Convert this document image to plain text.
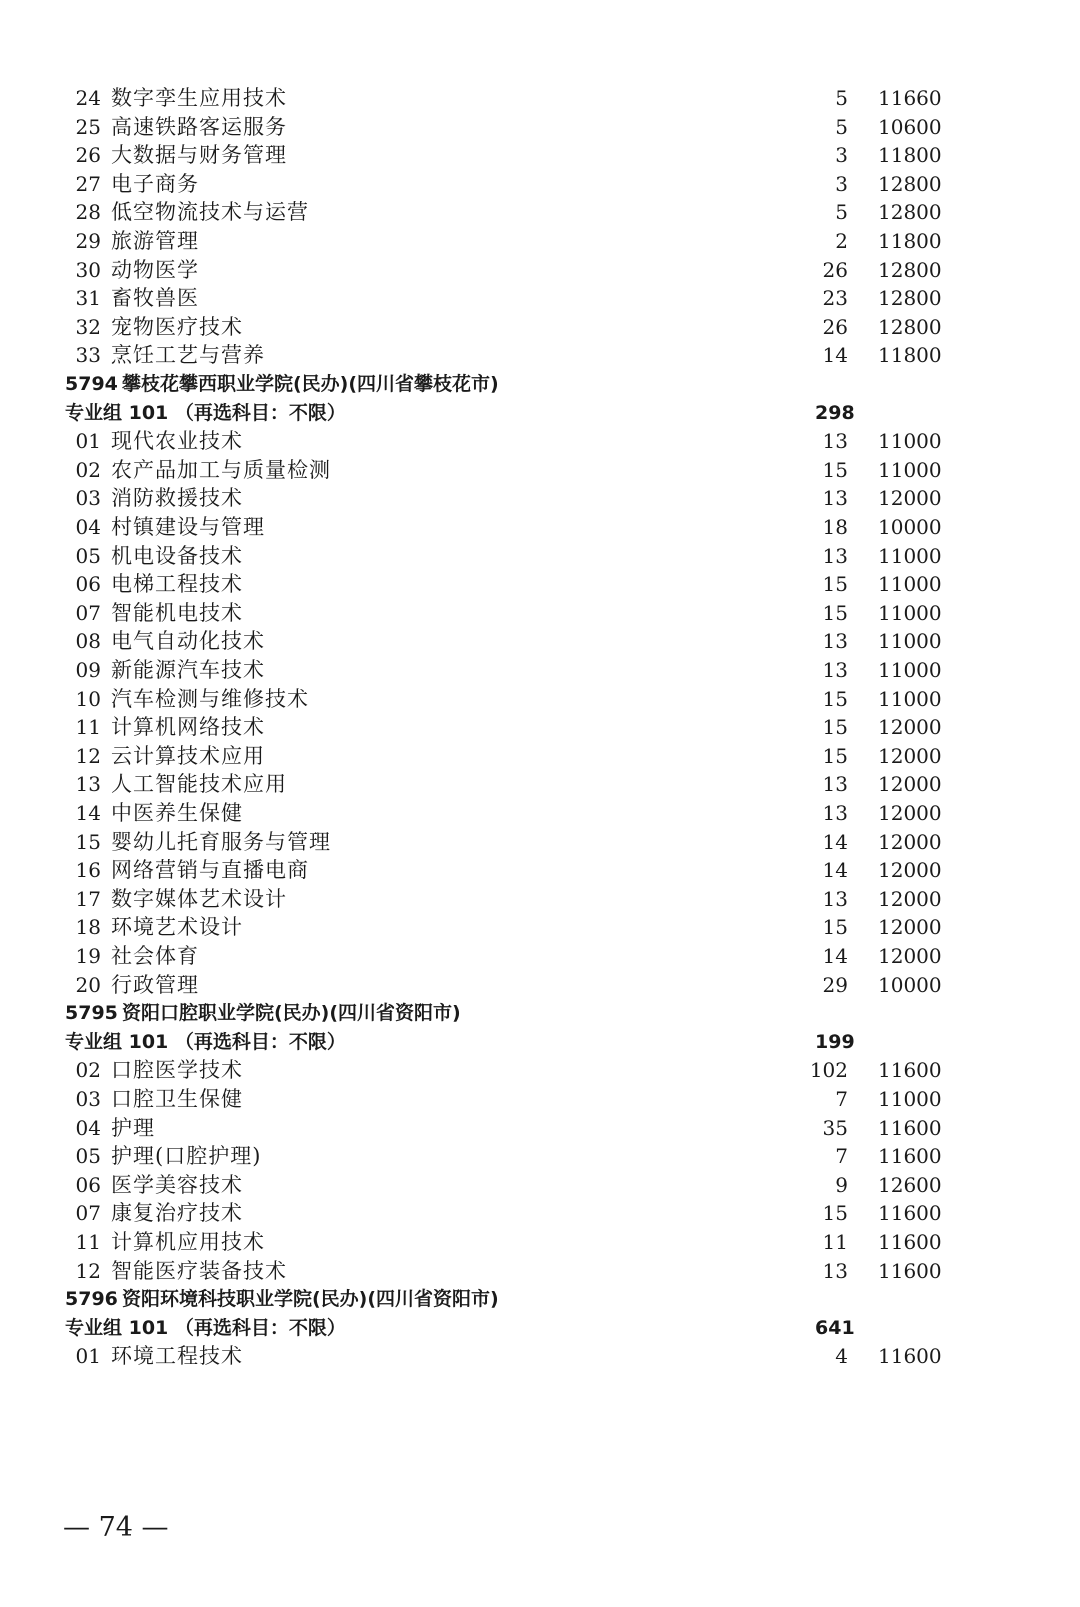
24 数字孪生应用技术	5 11660
25 高速铁路客运服务	5 10600
26 大数据与财务管理	3 11800
27 电子商务	3 12800
28 低空物流技术与运营	5 12800
29 旅游管理	2 11800
30 动物医学	26 12800
31 畜牧兽医	23 12800
32 宠物医疗技术	26 12800
33 烹饪工艺与营养	14 11800
5794 攀枝花攀西职业学院(民办)(四川省攀枝花市)
专业组 101 （再选科目：不限）	298
01 现代农业技术	13 11000
02 农产品加工与质量检测	15 11000
03 消防救援技术	13 12000
04 村镇建设与管理	18 10000
05 机电设备技术	13 11000
06 电梯工程技术	15 11000
07 智能机电技术	15 11000
08 电气自动化技术	13 11000
09 新能源汽车技术	13 11000
10 汽车检测与维修技术	15 11000
11 计算机网络技术	15 12000
12 云计算技术应用	15 12000
13 人工智能技术应用	13 12000
14 中医养生保健	13 12000
15 婴幼儿托育服务与管理	14 12000
16 网络营销与直播电商	14 12000
17 数字媒体艺术设计	13 12000
18 环境艺术设计	15 12000
19 社会体育	14 12000
20 行政管理	29 10000
5795 资阳口腔职业学院(民办)(四川省资阳市)
专业组 101 （再选科目：不限）	199
02 口腔医学技术	102 11600
03 口腔卫生保健	7 11000
04 护理	35 11600
05 护理(口腔护理)	7 11600
06 医学美容技术	9 12600
07 康复治疗技术	15 11600
11 计算机应用技术	11 11600
12 智能医疗装备技术	13 11600
5796 资阳环境科技职业学院(民办)(四川省资阳市)
专业组 101 （再选科目：不限）	641
01 环境工程技术	4 11600
— 74 —
